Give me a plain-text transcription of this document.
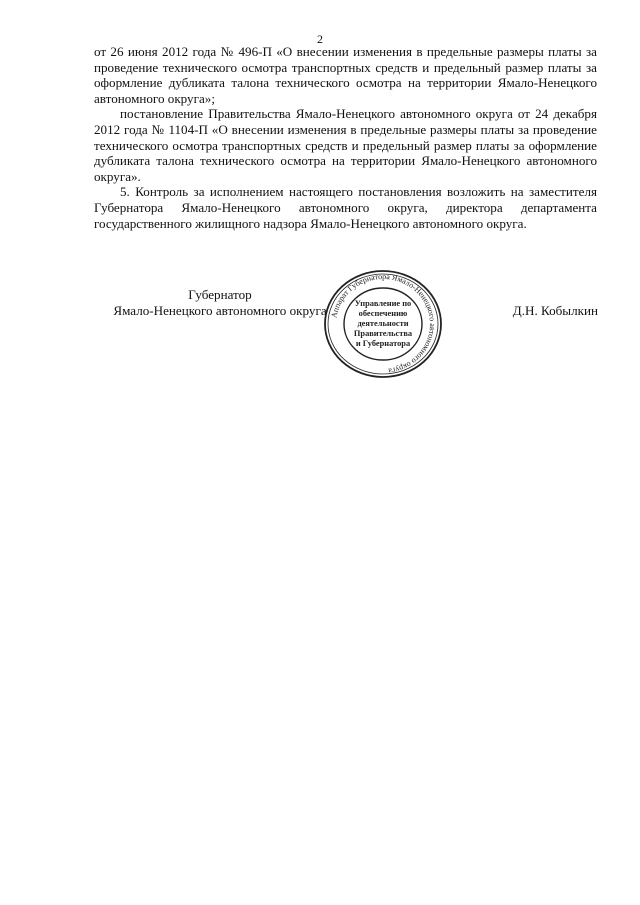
2

от 26 июня 2012 года № 496-П «О внесении изменения в предельные размеры платы за проведение технического осмотра транспортных средств и предельный размер платы за оформление дубликата талона технического осмотра на территории Ямало-Ненецкого автономного округа»;

постановление Правительства Ямало-Ненецкого автономного округа от 24 декабря 2012 года № 1104-П «О внесении изменения в предельные размеры платы за проведение технического осмотра транспортных средств и предельный размер платы за оформление дубликата талона технического осмотра на территории Ямало-Ненецкого автономного округа».

5. Контроль за исполнением настоящего постановления возложить на заместителя Губернатора Ямало-Ненецкого автономного округа, директора департамента государственного жилищного надзора Ямало-Ненецкого автономного округа.

Губернатор
Ямало-Ненецкого автономного округа	Д.Н. Кобылкин
Аппарат Губернатора Ямало-Ненецкого автономного округа
Управление по
обеспечению
деятельности
Правительства
и Губернатора
